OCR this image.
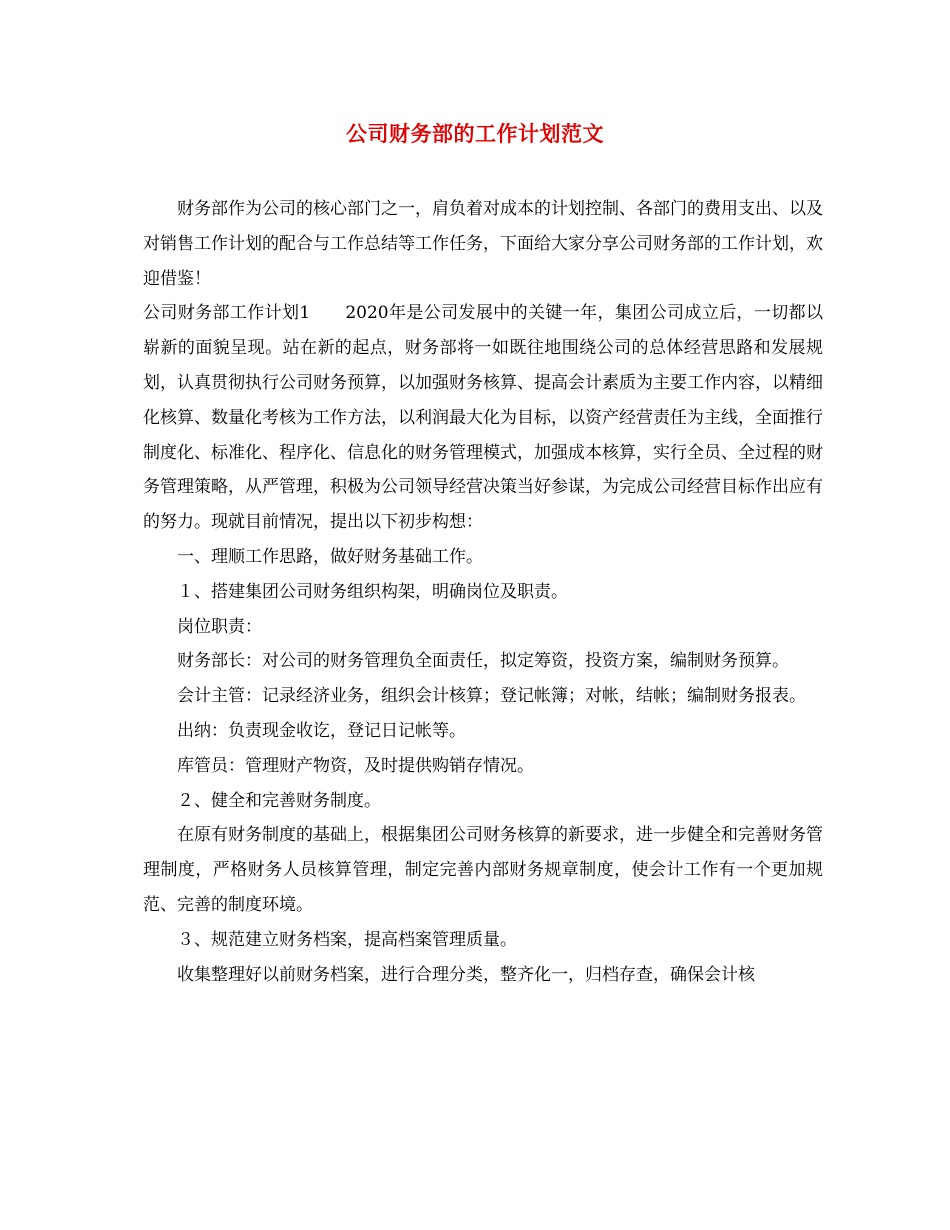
公司财务部的工作计划范文

财务部作为公司的核心部门之一，肩负着对成本的计划控制、各部门的费用支出、以及对销售工作计划的配合与工作总结等工作任务，下面给大家分享公司财务部的工作计划，欢迎借鉴！

公司财务部工作计划1　　2020年是公司发展中的关键一年，集团公司成立后，一切都以崭新的面貌呈现。站在新的起点，财务部将一如既往地围绕公司的总体经营思路和发展规划，认真贯彻执行公司财务预算，以加强财务核算、提高会计素质为主要工作内容，以精细化核算、数量化考核为工作方法，以利润最大化为目标，以资产经营责任为主线，全面推行制度化、标准化、程序化、信息化的财务管理模式，加强成本核算，实行全员、全过程的财务管理策略，从严管理，积极为公司领导经营决策当好参谋，为完成公司经营目标作出应有的努力。现就目前情况，提出以下初步构想：

一、理顺工作思路，做好财务基础工作。

１、搭建集团公司财务组织构架，明确岗位及职责。

岗位职责：

财务部长：对公司的财务管理负全面责任，拟定筹资，投资方案，编制财务预算。

会计主管：记录经济业务，组织会计核算；登记帐簿；对帐，结帐；编制财务报表。

出纳：负责现金收讫，登记日记帐等。

库管员：管理财产物资，及时提供购销存情况。

２、健全和完善财务制度。

在原有财务制度的基础上，根据集团公司财务核算的新要求，进一步健全和完善财务管理制度，严格财务人员核算管理，制定完善内部财务规章制度，使会计工作有一个更加规范、完善的制度环境。

３、规范建立财务档案，提高档案管理质量。

收集整理好以前财务档案，进行合理分类，整齐化一，归档存查，确保会计核
